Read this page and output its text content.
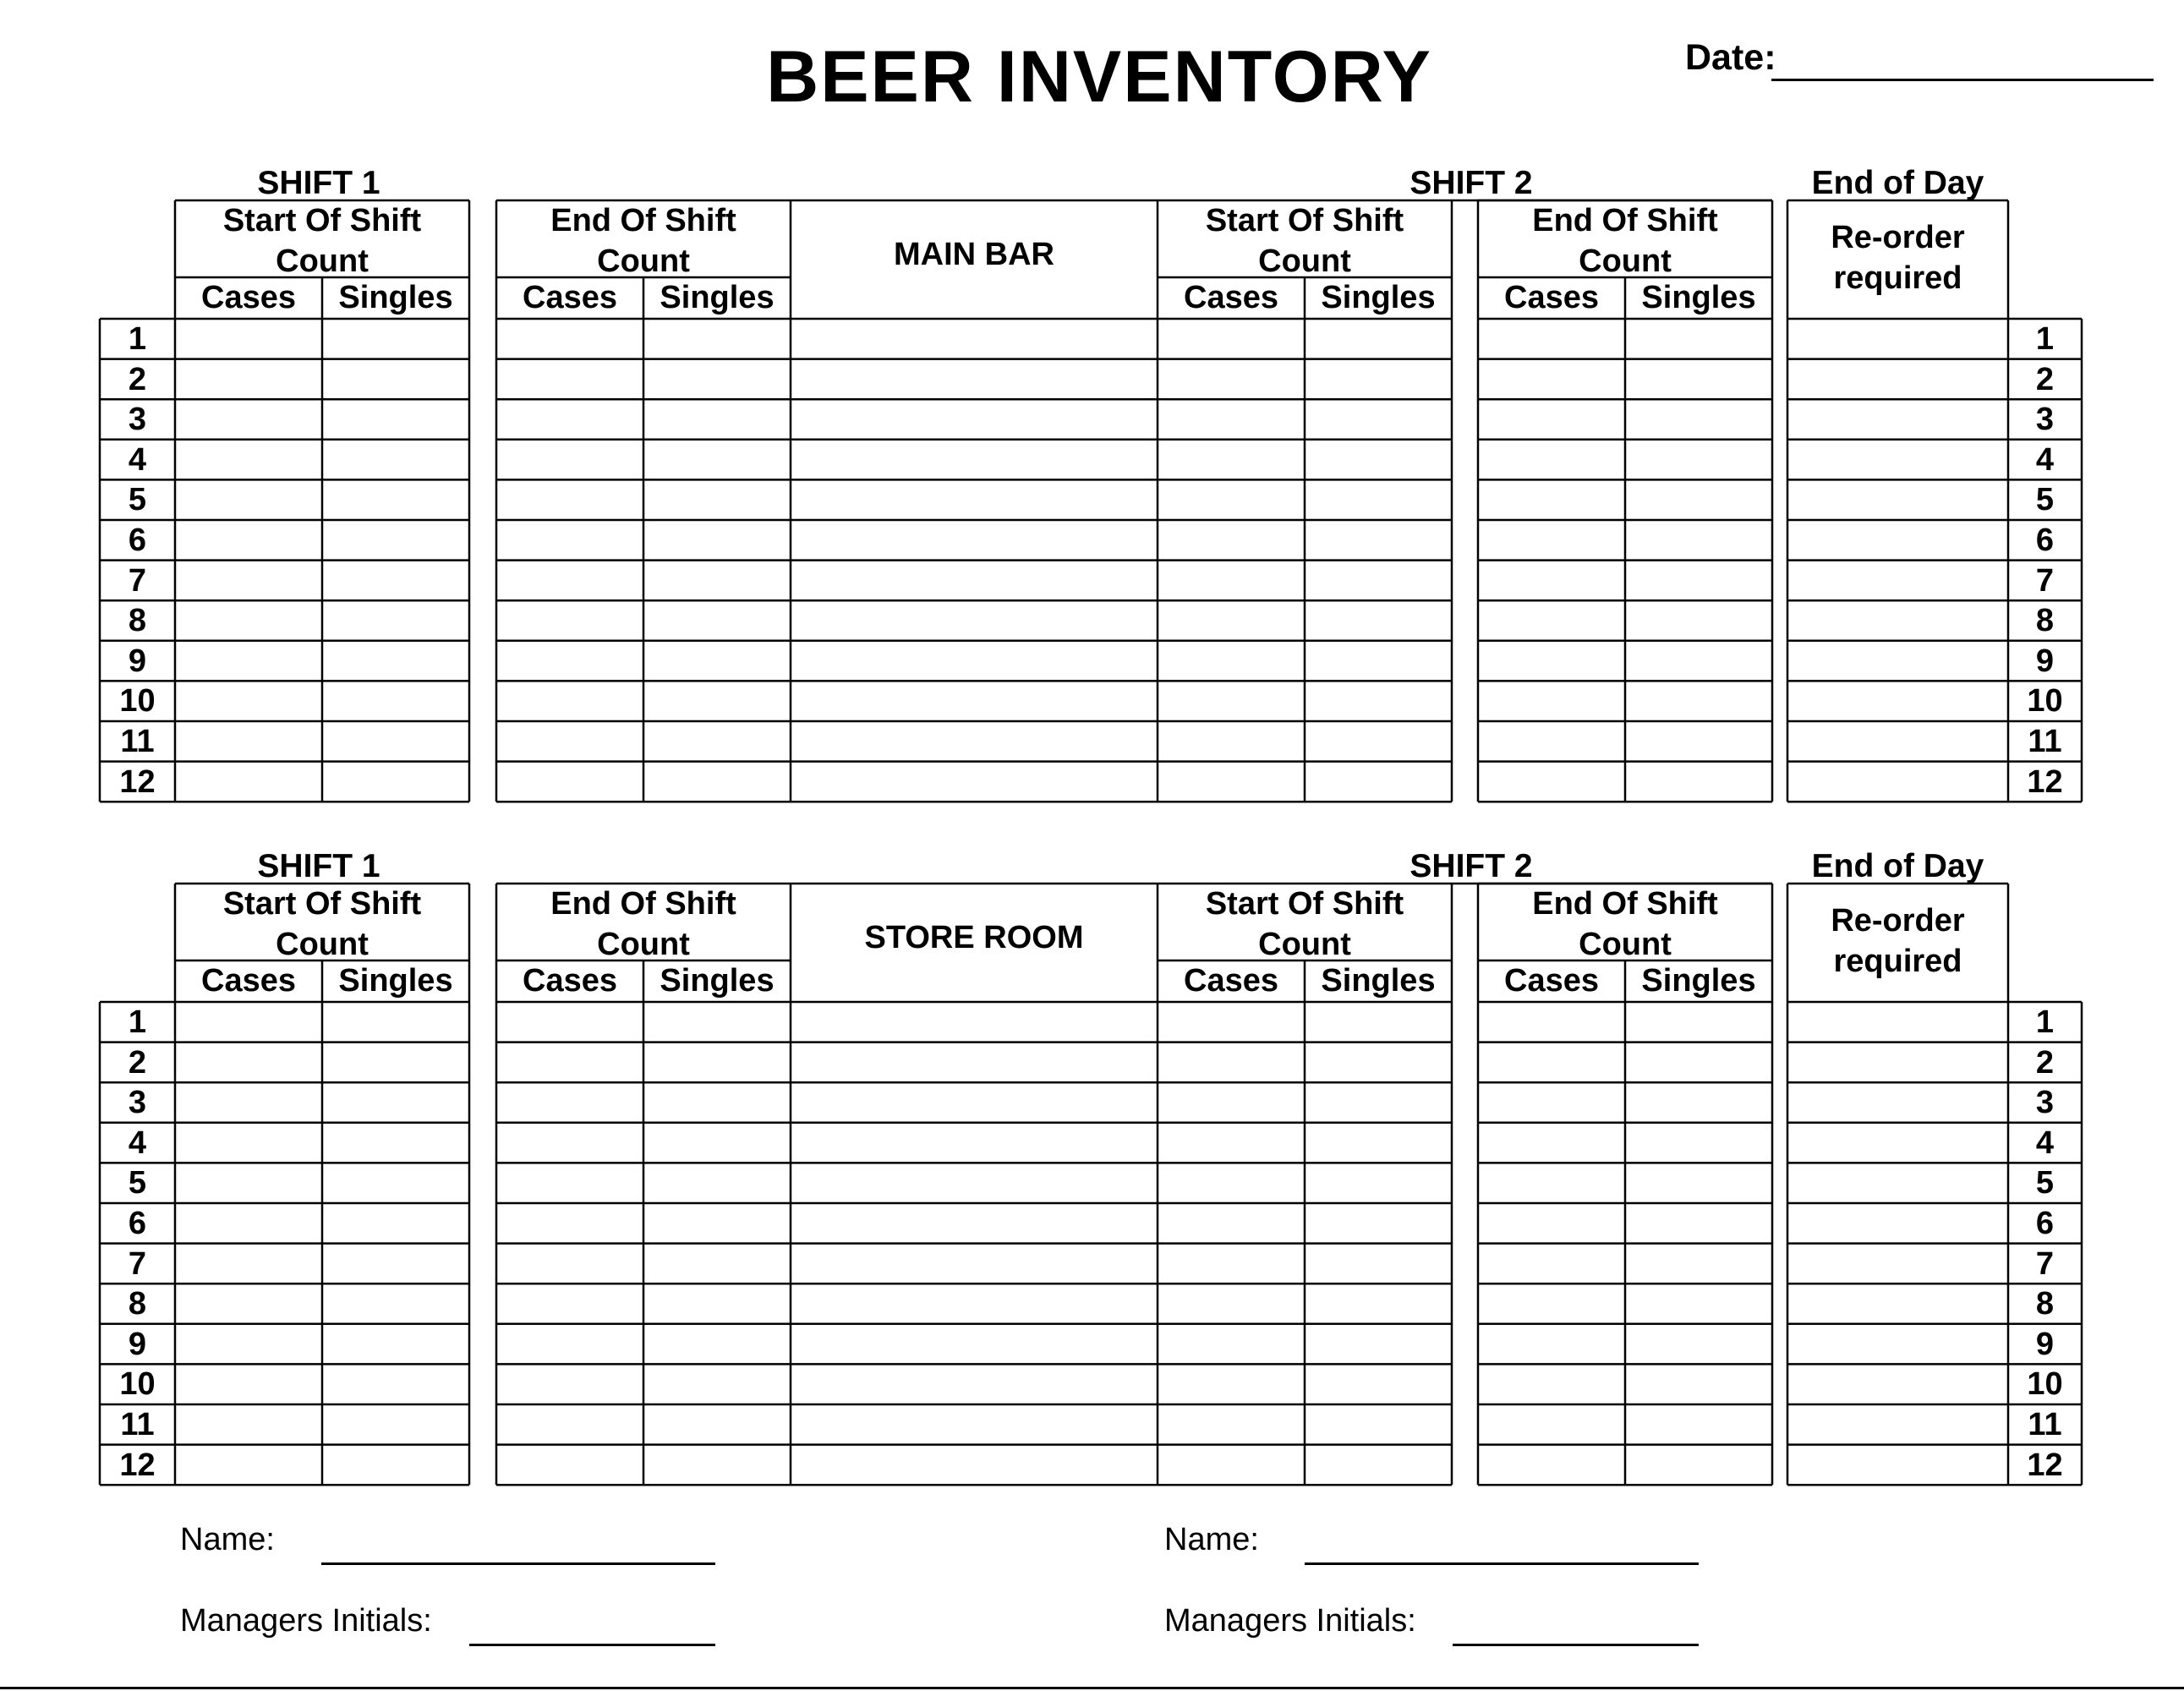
BEER INVENTORY	Date:
SHIFT 1	SHIFT 2	End of Day
Start Of Shift
Count
End Of Shift
Count
Start Of Shift
Count
End Of Shift
Count
Re-order
required
MAIN BAR
Cases	Singles	Cases	Singles	Cases	Singles	Cases	Singles
1	1
2	2
3	3
4	4
5	5
6	6
7	7
8	8
9	9
10	10
11	11
12	12
SHIFT 1	SHIFT 2	End of Day
Start Of Shift
Count
End Of Shift
Count
Start Of Shift
Count
End Of Shift
Count
Re-order
required
STORE ROOM
Cases	Singles	Cases	Singles	Cases	Singles	Cases	Singles
1	1
2	2
3	3
4	4
5	5
6	6
7	7
8	8
9	9
10	10
11	11
12	12
Name:
Managers Initials:
Name:
Managers Initials:
